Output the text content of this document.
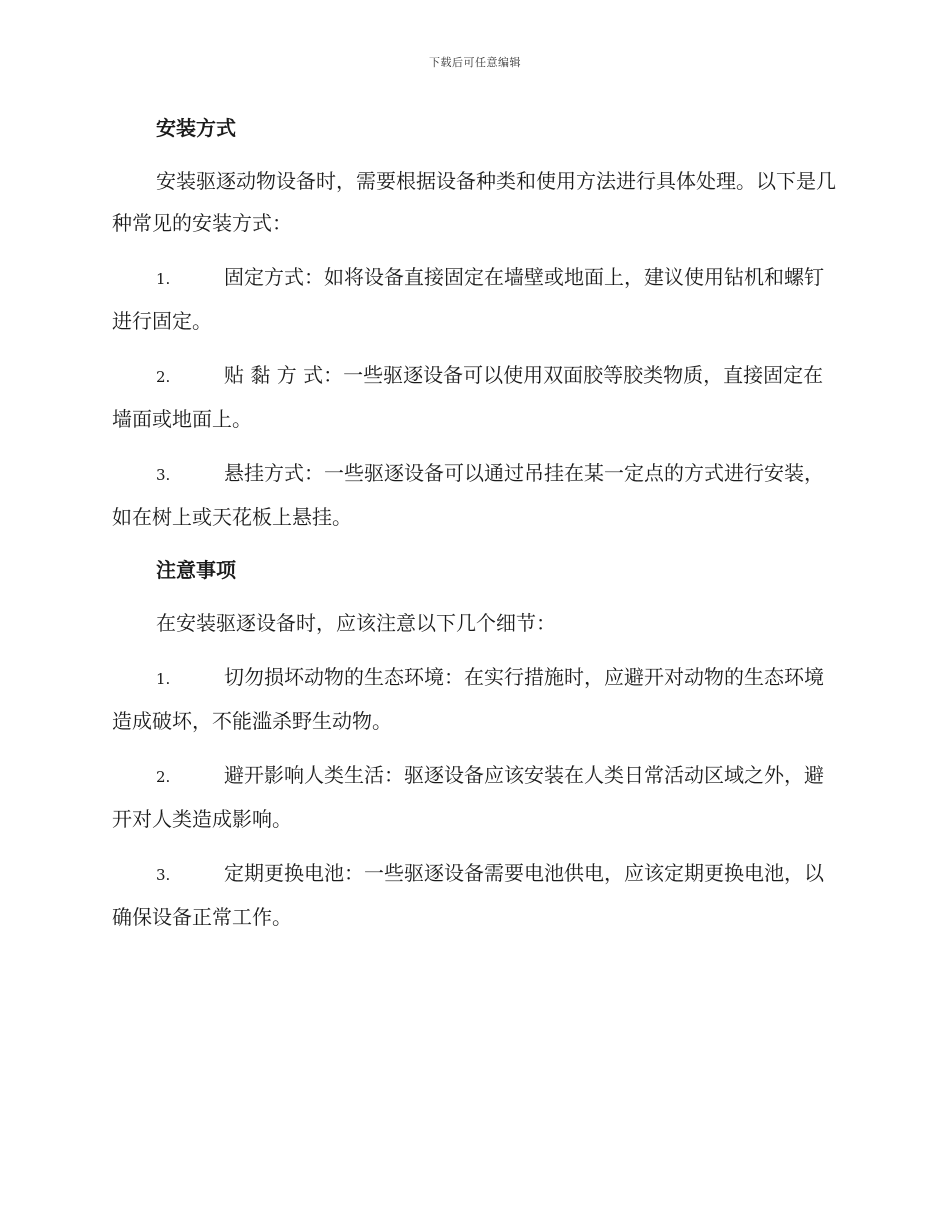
下载后可任意编辑
安装方式

安装驱逐动物设备时，需要根据设备种类和使用方法进行具体处理。以下是几种常见的安装方式：

1.	固定方式：如将设备直接固定在墙壁或地面上，建议使用钻机和螺钉进行固定。

2.	贴 黏 方 式：一些驱逐设备可以使用双面胶等胶类物质，直接固定在墙面或地面上。

3.	悬挂方式：一些驱逐设备可以通过吊挂在某一定点的方式进行安装，如在树上或天花板上悬挂。

注意事项

在安装驱逐设备时，应该注意以下几个细节：

1.	切勿损坏动物的生态环境：在实行措施时，应避开对动物的生态环境造成破坏，不能滥杀野生动物。

2.	避开影响人类生活：驱逐设备应该安装在人类日常活动区域之外，避开对人类造成影响。

3.	定期更换电池：一些驱逐设备需要电池供电，应该定期更换电池，以确保设备正常工作。
